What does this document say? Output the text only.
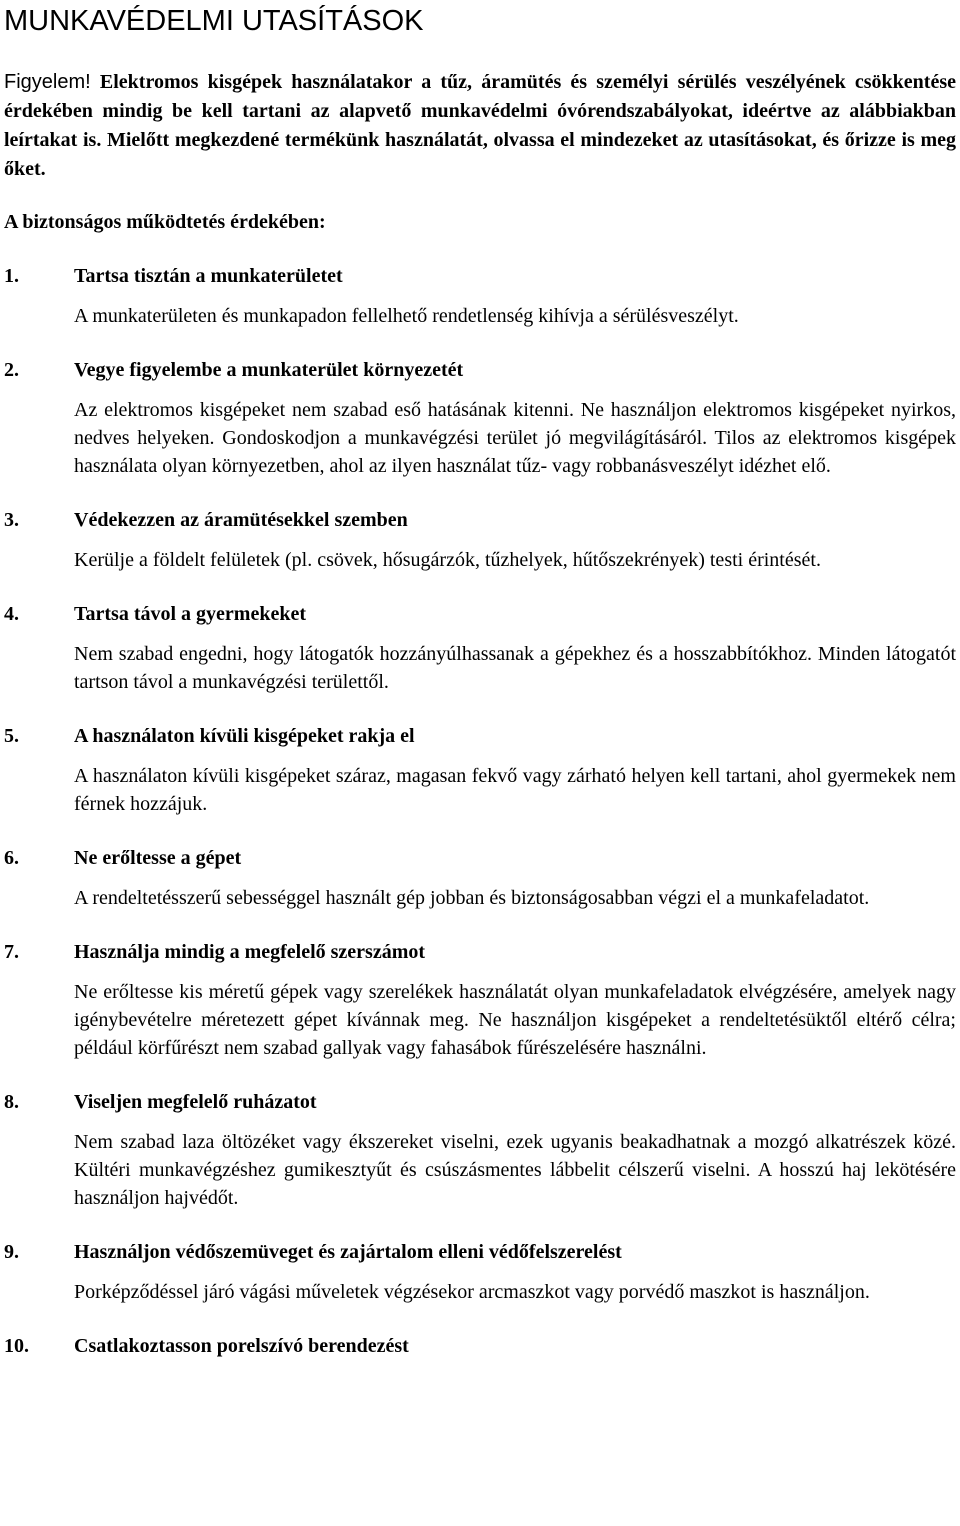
MUNKAVÉDELMI UTASÍTÁSOK

Figyelem! Elektromos kisgépek használatakor a tűz, áramütés és személyi sérülés veszélyének csökkentése érdekében mindig be kell tartani az alapvető munkavédelmi óvórendszabályokat, ideértve az alábbiakban leírtakat is. Mielőtt megkezdené termékünk használatát, olvassa el mindezeket az utasításokat, és őrizze is meg őket.

A biztonságos működtetés érdekében:
1.	Tartsa tisztán a munkaterületet
A munkaterületen és munkapadon fellelhető rendetlenség kihívja a sérülésveszélyt.
2.	Vegye figyelembe a munkaterület környezetét
Az elektromos kisgépeket nem szabad eső hatásának kitenni. Ne használjon elektromos kisgépeket nyirkos, nedves helyeken. Gondoskodjon a munkavégzési terület jó megvilágításáról. Tilos az elektromos kisgépek használata olyan környezetben, ahol az ilyen használat tűz- vagy robbanásveszélyt idézhet elő.
3.	Védekezzen az áramütésekkel szemben
Kerülje a földelt felületek (pl. csövek, hősugárzók, tűzhelyek, hűtőszekrények) testi érintését.
4.	Tartsa távol a gyermekeket
Nem szabad engedni, hogy látogatók hozzányúlhassanak a gépekhez és a hosszabbítókhoz. Minden látogatót tartson távol a munkavégzési területtől.
5.	A használaton kívüli kisgépeket rakja el
A használaton kívüli kisgépeket száraz, magasan fekvő vagy zárható helyen kell tartani, ahol gyermekek nem férnek hozzájuk.
6.	Ne erőltesse a gépet
A rendeltetésszerű sebességgel használt gép jobban és biztonságosabban végzi el a munkafeladatot.
7.	Használja mindig a megfelelő szerszámot
Ne erőltesse kis méretű gépek vagy szerelékek használatát olyan munkafeladatok elvégzésére, amelyek nagy igénybevételre méretezett gépet kívánnak meg. Ne használjon kisgépeket a rendeltetésüktől eltérő célra; például körfűrészt nem szabad gallyak vagy fahasábok fűrészelésére használni.
8.	Viseljen megfelelő ruházatot
Nem szabad laza öltözéket vagy ékszereket viselni, ezek ugyanis beakadhatnak a mozgó alkatrészek közé. Kültéri munkavégzéshez gumikesztyűt és csúszásmentes lábbelit célszerű viselni. A hosszú haj lekötésére használjon hajvédőt.
9.	Használjon védőszemüveget és zajártalom elleni védőfelszerelést
Porképződéssel járó vágási műveletek végzésekor arcmaszkot vagy porvédő maszkot is használjon.
10.	Csatlakoztasson porelszívó berendezést
